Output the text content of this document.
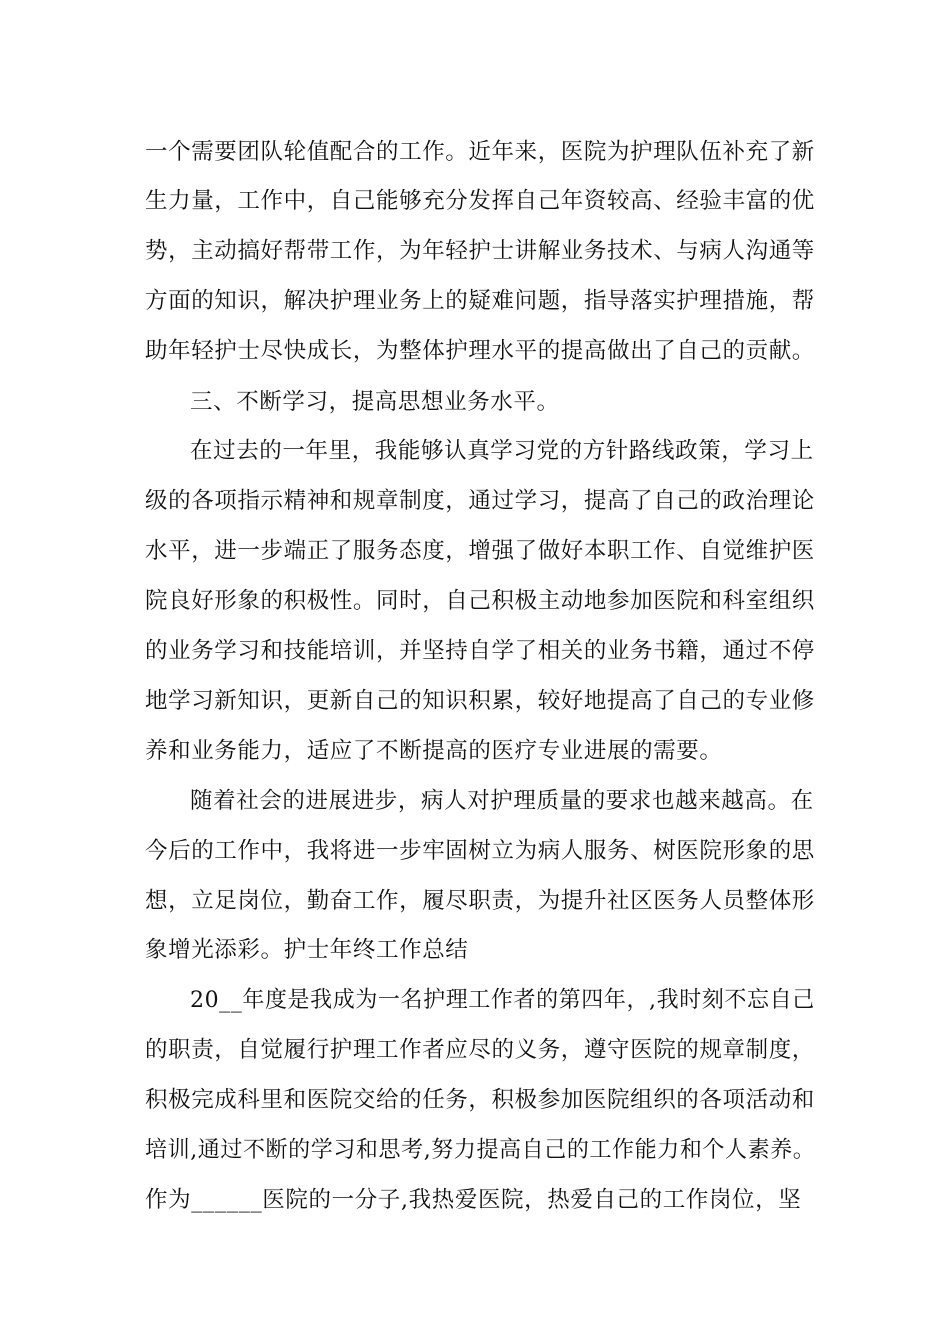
一个需要团队轮值配合的工作。近年来，医院为护理队伍补充了新
生力量，工作中，自己能够充分发挥自己年资较高、经验丰富的优
势，主动搞好帮带工作，为年轻护士讲解业务技术、与病人沟通等
方面的知识，解决护理业务上的疑难问题，指导落实护理措施，帮
助年轻护士尽快成长，为整体护理水平的提高做出了自己的贡献。
三、不断学习，提高思想业务水平。
在过去的一年里，我能够认真学习党的方针路线政策，学习上
级的各项指示精神和规章制度，通过学习，提高了自己的政治理论
水平，进一步端正了服务态度，增强了做好本职工作、自觉维护医
院良好形象的积极性。同时，自己积极主动地参加医院和科室组织
的业务学习和技能培训，并坚持自学了相关的业务书籍，通过不停
地学习新知识，更新自己的知识积累，较好地提高了自己的专业修
养和业务能力，适应了不断提高的医疗专业进展的需要。
随着社会的进展进步，病人对护理质量的要求也越来越高。在
今后的工作中，我将进一步牢固树立为病人服务、树医院形象的思
想，立足岗位，勤奋工作，履尽职责，为提升社区医务人员整体形
象增光添彩。护士年终工作总结
20__年度是我成为一名护理工作者的第四年，,我时刻不忘自己
的职责，自觉履行护理工作者应尽的义务，遵守医院的规章制度，
积极完成科里和医院交给的任务，积极参加医院组织的各项活动和
培训,通过不断的学习和思考,努力提高自己的工作能力和个人素养。
作为______医院的一分子,我热爱医院，热爱自己的工作岗位，坚
